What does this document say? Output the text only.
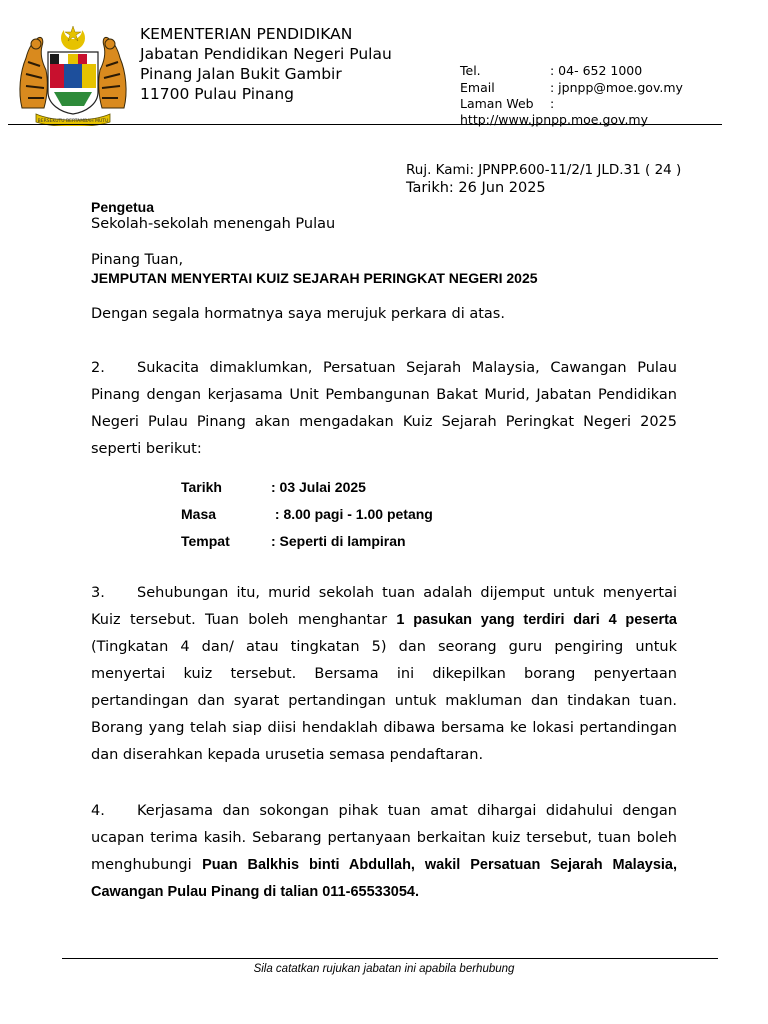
BERSEKUTU BERTAMBAH MUTU
KEMENTERIAN PENDIDIKAN
Jabatan Pendidikan Negeri Pulau
Pinang Jalan Bukit Gambir
11700 Pulau Pinang
Tel.	: 04- 652 1000
Email	: jpnpp@moe.gov.my
Laman Web :
http://www.jpnpp.moe.gov.my
Ruj. Kami: JPNPP.600-11/2/1 JLD.31 ( 24 )
Tarikh: 26 Jun 2025
Pengetua
Sekolah-sekolah menengah Pulau
Pinang Tuan,
JEMPUTAN MENYERTAI KUIZ SEJARAH PERINGKAT NEGERI 2025
Dengan segala hormatnya saya merujuk perkara di atas.
2. Sukacita dimaklumkan, Persatuan Sejarah Malaysia, Cawangan Pulau Pinang dengan kerjasama Unit Pembangunan Bakat Murid, Jabatan Pendidikan Negeri Pulau Pinang akan mengadakan Kuiz Sejarah Peringkat Negeri 2025 seperti berikut:
Tarikh	: 03 Julai 2025
Masa	: 8.00 pagi - 1.00 petang
Tempat	: Seperti di lampiran
3. Sehubungan itu, murid sekolah tuan adalah dijemput untuk menyertai Kuiz tersebut. Tuan boleh menghantar 1 pasukan yang terdiri dari 4 peserta (Tingkatan 4 dan/ atau tingkatan 5) dan seorang guru pengiring untuk menyertai kuiz tersebut. Bersama ini dikepilkan borang penyertaan pertandingan dan syarat pertandingan untuk makluman dan tindakan tuan. Borang yang telah siap diisi hendaklah dibawa bersama ke lokasi pertandingan dan diserahkan kepada urusetia semasa pendaftaran.
4. Kerjasama dan sokongan pihak tuan amat dihargai didahului dengan ucapan terima kasih. Sebarang pertanyaan berkaitan kuiz tersebut, tuan boleh menghubungi Puan Balkhis binti Abdullah, wakil Persatuan Sejarah Malaysia, Cawangan Pulau Pinang di talian 011-65533054.
Sila catatkan rujukan jabatan ini apabila berhubung
